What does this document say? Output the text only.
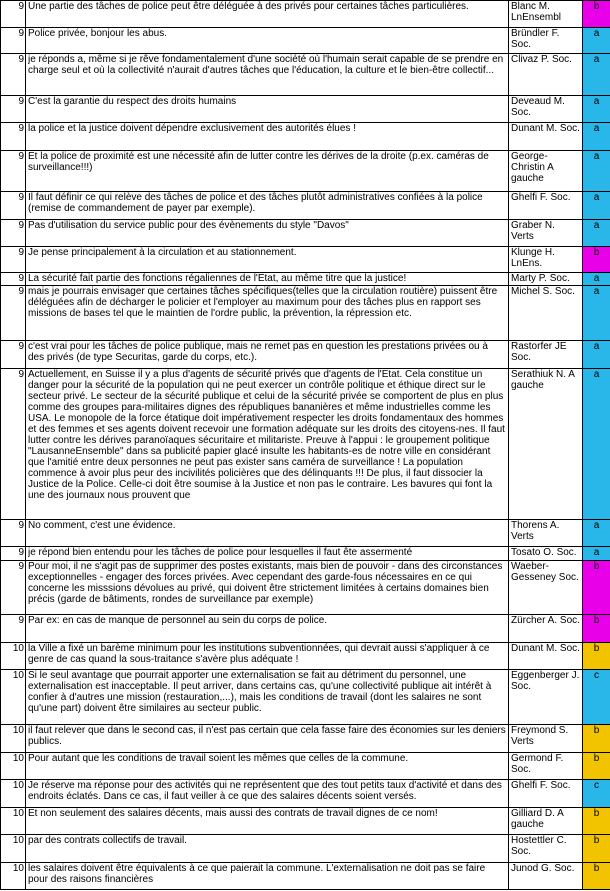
9	Une partie des tâches de police peut être déléguée à des privés pour certaines tâches particulières.	Blanc M. LnEnsembl	b
9	Police privée, bonjour les abus.	Bründler F. Soc.	a
9	je réponds a, même si je rêve fondamentalement d'une société où l'humain serait capable de se prendre en charge seul et où la collectivité n'aurait d'autres tâches que l'éducation, la culture et le bien-être collectif...	Clivaz P. Soc.	a
9	C'est la garantie du respect des droits humains	Deveaud M. Soc.	a
9	la police et la justice doivent dépendre exclusivement des autorités élues !	Dunant M. Soc.	a
9	Et la police de proximité est une nécessité afin de lutter contre les dérives de la droite (p.ex. caméras de surveillance!!!)	George-Christin A gauche	a
9	Il faut définir ce qui relève des tâches de police et des tâches plutôt administratives confiées à la police (remise de commandement de payer par exemple).	Ghelfi F. Soc.	a
9	Pas d'utilisation du service public pour des évènements du style "Davos"	Graber N. Verts	a
9	Je pense principalement à la circulation et au stationnement.	Klunge H. LnEns.	b
9	La sécurité fait partie des fonctions régaliennes de l'Etat, au même titre que la justice!	Marty P. Soc.	a
9	mais je pourrais envisager que certaines tâches spécifiques(telles que la circulation routière) puissent être déléguées afin de décharger le policier et l'employer au maximum pour des tâches plus en rapport ses missions de bases tel que le maintien de l'ordre public, la prévention, la répression etc.	Michel S. Soc.	a
9	c'est vrai pour les tâches de police publique, mais ne remet pas en question les prestations privées ou à des privés (de type Securitas, garde du corps, etc.).	Rastorfer JE Soc.	a
9	Actuellement, en Suisse il y a plus d'agents de sécurité privés que d'agents de l'Etat. Cela constitue un danger pour la sécurité de la population qui ne peut exercer un contrôle politique et éthique direct sur le secteur privé. Le secteur de la sécurité publique et celui de la sécurité privée se comportent de plus en plus comme des groupes para-militaires dignes des républiques bananières et même industrielles comme les USA. Le monopole de la force étatique doit impérativement respecter les droits fondamentaux des hommes et des femmes et ses agents doivent recevoir une formation adéquate sur les droits des citoyens-nes. Il faut lutter contre les dérives paranoïaques sécuritaire et militariste. Preuve à l'appui : le groupement politique "LausanneEnsemble" dans sa publicité papier glacé insulte les habitants-es de notre ville en considérant que l'amitié entre deux personnes ne peut pas exister sans caméra de surveillance ! La population commence à avoir plus peur des incivilités policières que des délinquants !!! De plus, il faut dissocier la Justice de la Police. Celle-ci doit être soumise à la Justice et non pas le contraire. Les bavures qui font la une des journaux nous prouvent que	Serathiuk N. A gauche	a
9	No comment, c'est une évidence.	Thorens A. Verts	a
9	je répond bien entendu pour les tâches de police pour lesquelles il faut ête assermenté	Tosato O. Soc.	a
9	Pour moi, il ne s'agit pas de supprimer des postes existants, mais bien de pouvoir - dans des circonstances exceptionnelles - engager des forces privées. Avec cependant des garde-fous nécessaires en ce qui concerne les misssions dévolues au privé, qui doivent être strictement limitées à certains domaines bien précis (garde de bâtiments, rondes de surveillance par exemple)	Waeber-Gesseney Soc.	b
9	Par ex: en cas de manque de personnel au sein du corps de police.	Zürcher A. Soc.	b
10	la Ville a fixé un barème minimum pour les institutions subventionnées, qui devrait aussi s'appliquer à ce genre de cas quand la sous-traitance s'avère plus adéquate !	Dunant M. Soc.	b
10	Si le seul avantage que pourrait apporter une externalisation se fait au détriment du personnel, une externalisation est inacceptable. Il peut arriver, dans certains cas, qu'une collectivité publique ait intérêt à confier à d'autres une mission (restauration,...), mais les conditions de travail (dont les salaires ne sont qu'une part) doivent être similaires au secteur public.	Eggenberger J. Soc.	c
10	il faut relever que dans le second cas, il n'est pas certain que cela fasse faire des économies sur les deniers publics.	Freymond S. Verts	b
10	Pour autant que les conditions de travail soient les mêmes que celles de la commune.	Germond F. Soc.	b
10	Je réserve ma réponse pour des activités qui ne représentent que des tout petits taux d'activité et dans des endroits éclatés. Dans ce cas, il faut veiller à ce que des salaires décents soient versés.	Ghelfi F. Soc.	c
10	Et non seulement des salaires décents, mais aussi des contrats de travail dignes de ce nom!	Gilliard D. A gauche	b
10	par des contrats collectifs de travail.	Hostettler C. Soc.	b
10	les salaires doivent être équivalents à ce que paierait la commune. L'externalisation ne doit pas se faire pour des raisons financières	Junod G. Soc.	b
